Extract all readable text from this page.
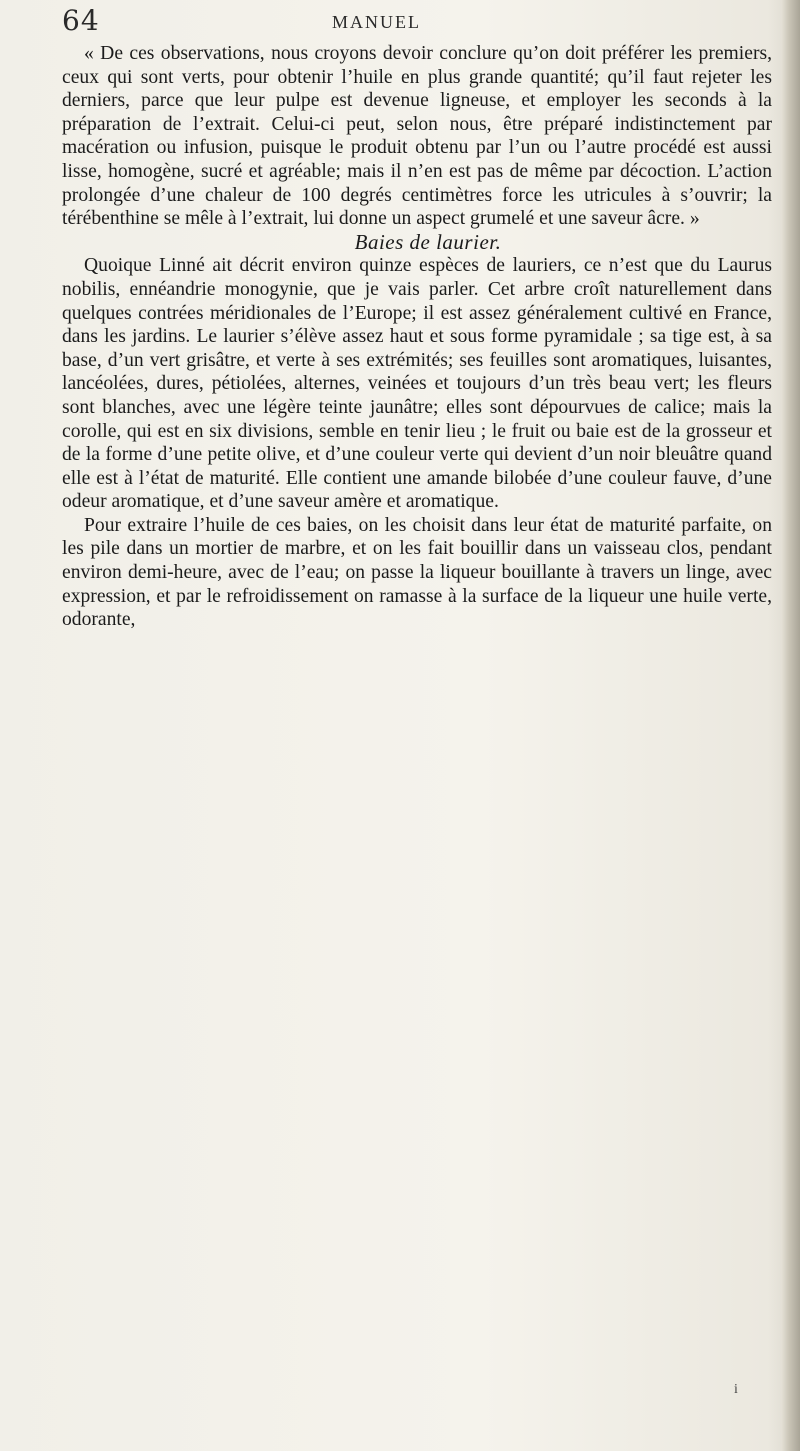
64	MANUEL

« De ces observations, nous croyons devoir conclure qu’on doit préférer les premiers, ceux qui sont verts, pour obtenir l’huile en plus grande quantité; qu’il faut rejeter les derniers, parce que leur pulpe est devenue ligneuse, et employer les seconds à la préparation de l’extrait. Celui-ci peut, selon nous, être préparé indistinctement par macération ou infusion, puisque le produit obtenu par l’un ou l’autre procédé est aussi lisse, homogène, sucré et agréable; mais il n’en est pas de même par décoction. L’action prolongée d’une chaleur de 100 degrés centimètres force les utricules à s’ouvrir; la térébenthine se mêle à l’extrait, lui donne un aspect grumelé et une saveur âcre. »

Baies de laurier.

Quoique Linné ait décrit environ quinze espèces de lauriers, ce n’est que du Laurus nobilis, ennéandrie monogynie, que je vais parler. Cet arbre croît naturellement dans quelques contrées méridionales de l’Europe; il est assez généralement cultivé en France, dans les jardins. Le laurier s’élève assez haut et sous forme pyramidale ; sa tige est, à sa base, d’un vert grisâtre, et verte à ses extrémités; ses feuilles sont aromatiques, luisantes, lancéolées, dures, pétiolées, alternes, veinées et toujours d’un très beau vert; les fleurs sont blanches, avec une légère teinte jaunâtre; elles sont dépourvues de calice; mais la corolle, qui est en six divisions, semble en tenir lieu ; le fruit ou baie est de la grosseur et de la forme d’une petite olive, et d’une couleur verte qui devient d’un noir bleuâtre quand elle est à l’état de maturité. Elle contient une amande bilobée d’une couleur fauve, d’une odeur aromatique, et d’une saveur amère et aromatique.

Pour extraire l’huile de ces baies, on les choisit dans leur état de maturité parfaite, on les pile dans un mortier de marbre, et on les fait bouillir dans un vaisseau clos, pendant environ demi-heure, avec de l’eau; on passe la liqueur bouillante à travers un linge, avec expression, et par le refroidissement on ramasse à la surface de la liqueur une huile verte, odorante,

i
